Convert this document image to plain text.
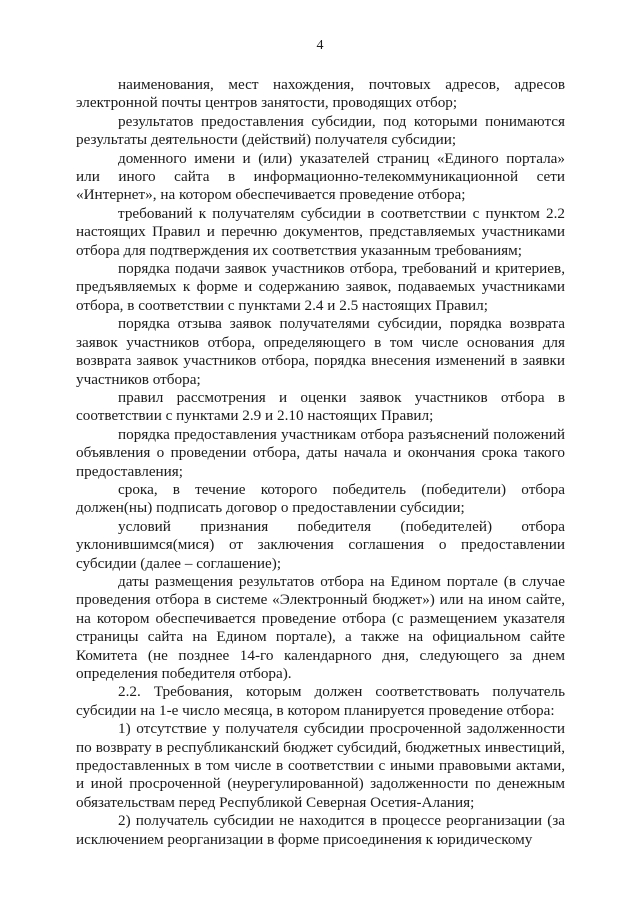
4

наименования, мест нахождения, почтовых адресов, адресов электронной почты центров занятости, проводящих отбор;

результатов предоставления субсидии, под которыми понимаются результаты деятельности (действий) получателя субсидии;

доменного имени и (или) указателей страниц «Единого портала» или иного сайта в информационно-телекоммуникационной сети «Интернет», на котором обеспечивается проведение отбора;

требований к получателям субсидии в соответствии с пунктом 2.2 настоящих Правил и перечню документов, представляемых участниками отбора для подтверждения их соответствия указанным требованиям;

порядка подачи заявок участников отбора, требований и критериев, предъявляемых к форме и содержанию заявок, подаваемых участниками отбора, в соответствии с пунктами 2.4 и 2.5 настоящих Правил;

порядка отзыва заявок получателями субсидии, порядка возврата заявок участников отбора, определяющего в том числе основания для возврата заявок участников отбора, порядка внесения изменений в заявки участников отбора;

правил рассмотрения и оценки заявок участников отбора в соответствии с пунктами 2.9 и 2.10 настоящих Правил;

порядка предоставления участникам отбора разъяснений положений объявления о проведении отбора, даты начала и окончания срока такого предоставления;

срока, в течение которого победитель (победители) отбора должен(ны) подписать договор о предоставлении субсидии;

условий признания победителя (победителей) отбора уклонившимся(мися) от заключения соглашения о предоставлении субсидии (далее – соглашение);

даты размещения результатов отбора на Едином портале (в случае проведения отбора в системе «Электронный бюджет») или на ином сайте, на котором обеспечивается проведение отбора (с размещением указателя страницы сайта на Едином портале), а также на официальном сайте Комитета (не позднее 14-го календарного дня, следующего за днем определения победителя отбора).

2.2. Требования, которым должен соответствовать получатель субсидии на 1-е число месяца, в котором планируется проведение отбора:

1) отсутствие у получателя субсидии просроченной задолженности по возврату в республиканский бюджет субсидий, бюджетных инвестиций, предоставленных в том числе в соответствии с иными правовыми актами, и иной просроченной (неурегулированной) задолженности по денежным обязательствам перед Республикой Северная Осетия-Алания;

2) получатель субсидии не находится в процессе реорганизации (за исключением реорганизации в форме присоединения к юридическому
